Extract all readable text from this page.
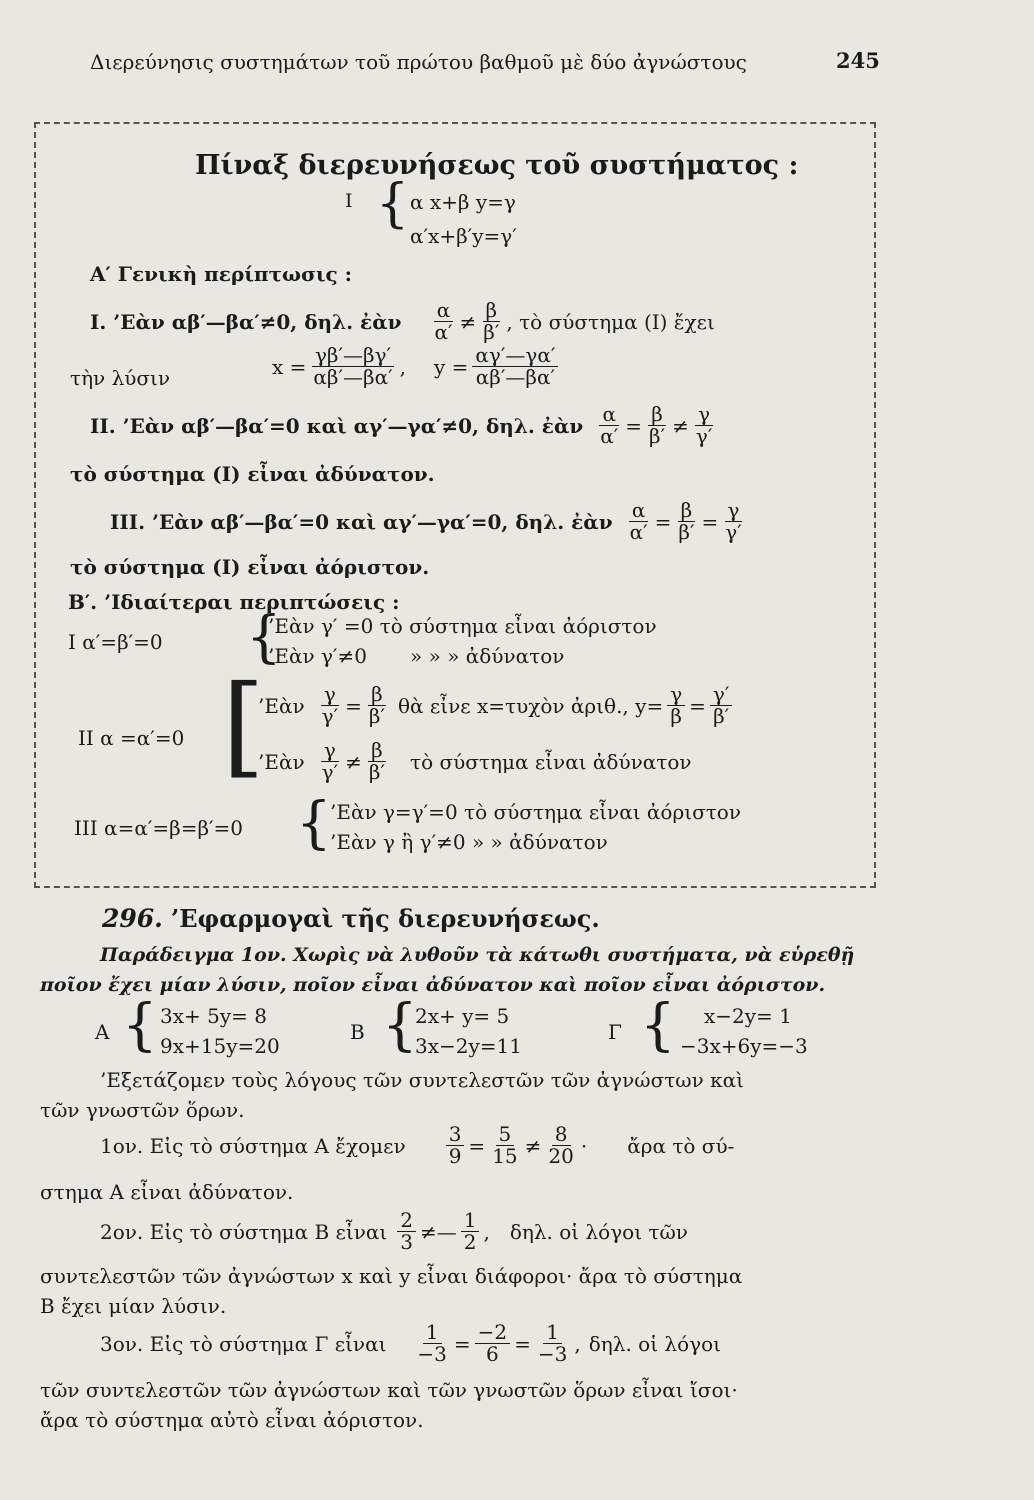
Διερεύνησις συστημάτων τοῦ πρώτου βαθμοῦ μὲ δύο ἀγνώστους	245
Πίναξ διερευνήσεως τοῦ συστήματος :
I { α x+β y=γ
α′x+β′y=γ′
Α′ Γενικὴ περίπτωσις :
I. ’Εὰν αβ′—βα′≠0, δηλ. ἐὰν $\frac{\alpha}{\alpha'} \ne \frac{\beta}{\beta'}$ , τὸ σύστημα (I) ἔχει
τὴν λύσιν	$x = \frac{\gamma\beta'—\beta\gamma'}{\alpha\beta'—\beta\alpha'}$ , $y = \frac{\alpha\gamma'—\gamma\alpha'}{\alpha\beta'—\beta\alpha'}$
II. ’Εὰν αβ′—βα′=0 καὶ αγ′—γα′≠0, δηλ. ἐὰν $\frac{\alpha}{\alpha'} = \frac{\beta}{\beta'} \ne \frac{\gamma}{\gamma'}$
τὸ σύστημα (I) εἶναι ἀδύνατον.
III. ’Εὰν αβ′—βα′=0 καὶ αγ′—γα′=0, δηλ. ἐὰν $\frac{\alpha}{\alpha'} = \frac{\beta}{\beta'} = \frac{\gamma}{\gamma'}$
τὸ σύστημα (I) εἶναι ἀόριστον.
Β′. ’Ιδιαίτεραι περιπτώσεις :
I α′=β′=0 {
’Εὰν γ′ =0 τὸ σύστημα εἶναι ἀόριστον
’Εὰν γ′≠0 » » » ἀδύνατον
II α =α′=0 [
’Εὰν $\frac{\gamma}{\gamma'} = \frac{\beta}{\beta'}$ θὰ εἶνε x=τυχὸν ἀριθ., $y= \frac{\gamma}{\beta} = \frac{\gamma'}{\beta'}$
’Εὰν $\frac{\gamma}{\gamma'} \ne \frac{\beta}{\beta'}$ τὸ σύστημα εἶναι ἀδύνατον
III α=α′=β=β′=0 {
’Εὰν γ=γ′=0 τὸ σύστημα εἶναι ἀόριστον
’Εὰν γ ἢ γ′≠0 » » ἀδύνατον
296. ’Εφαρμογαὶ τῆς διερευνήσεως.
Παράδειγμα 1ον. Χωρὶς νὰ λυθοῦν τὰ κάτωθι συστήματα, νὰ εὑρεθῇ
ποῖον ἔχει μίαν λύσιν, ποῖον εἶναι ἀδύνατον καὶ ποῖον εἶναι ἀόριστον.
A { 3x+ 5y= 8
9x+15y=20
B {
2x+ y= 5
3x−2y=11
Γ { x−2y= 1
−3x+6y=−3
’Εξετάζομεν τοὺς λόγους τῶν συντελεστῶν τῶν ἀγνώστων καὶ
τῶν γνωστῶν ὅρων.
1ον. Εἰς τὸ σύστημα A ἔχομεν $\frac{3}{9} = \frac{5}{15} \ne \frac{8}{20}$ · ἄρα τὸ σύ-
στημα A εἶναι ἀδύνατον.
2ον. Εἰς τὸ σύστημα B εἶναι $\frac{2}{3}$ ≠ — $\frac{1}{2}$ , δηλ. οἱ λόγοι τῶν
συντελεστῶν τῶν ἀγνώστων x καὶ y εἶναι διάφοροι· ἄρα τὸ σύστημα
B ἔχει μίαν λύσιν.
3ον. Εἰς τὸ σύστημα Γ εἶναι $\frac{1}{-3} = \frac{-2}{6} = \frac{1}{-3}$ , δηλ. οἱ λόγοι
τῶν συντελεστῶν τῶν ἀγνώστων καὶ τῶν γνωστῶν ὅρων εἶναι ἴσοι·
ἄρα τὸ σύστημα αὐτὸ εἶναι ἀόριστον.
